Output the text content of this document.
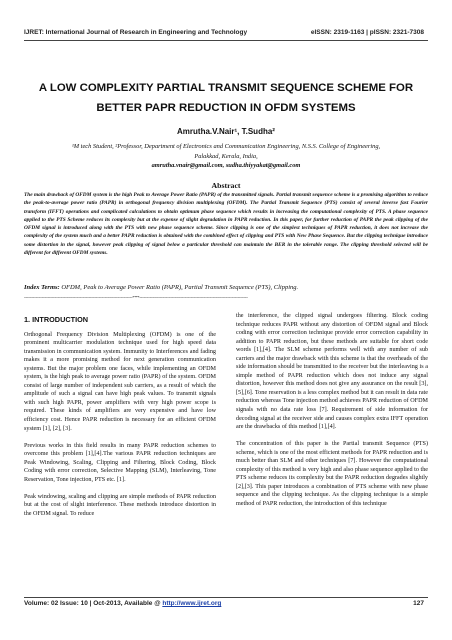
IJRET: International Journal of Research in Engineering and Technology	eISSN: 2319-1163 | pISSN: 2321-7308
A LOW COMPLEXITY PARTIAL TRANSMIT SEQUENCE SCHEME FOR
BETTER PAPR REDUCTION IN OFDM SYSTEMS
Amrutha.V.Nair¹, T.Sudha²
¹M tech Student, ²Professor, Department of Electronics and Communication Engineering, N.S.S. College of Engineering,
Palakkad, Kerala, India,
amrutha.vnair@gmail.com, sudha.thiyyakat@gmail.com
Abstract
The main drawback of OFDM system is the high Peak to Average Power Ratio (PAPR) of the transmitted signals. Partial transmit sequence scheme is a promising algorithm to reduce the peak-to-average power ratio (PAPR) in orthogonal frequency division multiplexing (OFDM). The Partial Transmit Sequence (PTS) consist of several inverse fast Fourier transform (IFFT) operations and complicated calculations to obtain optimum phase sequence which results in increasing the computational complexity of PTS. A phase sequence applied to the PTS Scheme reduces its complexity but at the expense of slight degradation in PAPR reduction. In this paper, for further reduction of PAPR the peak clipping of the OFDM signal is introduced along with the PTS with new phase sequence scheme. Since clipping is one of the simplest techniques of PAPR reduction, it does not increase the complexity of the system much and a better PAPR reduction is obtained with the combined effect of clipping and PTS with New Phase Sequence. But the clipping technique introduce some distortion in the signal, however peak clipping of signal below a particular threshold can maintain the BER in the tolerable range. The clipping threshold selected will be different for different OFDM systems.
Index Terms: OFDM, Peak to Average Power Ratio (PAPR), Partial Transmit Sequence (PTS), Clipping.
--------------------------------------------------------------------------***--------------------------------------------------------------------------
1. INTRODUCTION

Orthogonal Frequency Division Multiplexing (OFDM) is one of the prominent multicarrier modulation technique used for high speed data transmission in communication system. Immunity to Interferences and fading makes it a more promising method for next generation communication systems. But the major problem one faces, while implementing an OFDM system, is the high peak to average power ratio (PAPR) of the system. OFDM consist of large number of independent sub carriers, as a result of which the amplitude of such a signal can have high peak values. To transmit signals with such high PAPR, power amplifiers with very high power scope is required. These kinds of amplifiers are very expensive and have low efficiency cost. Hence PAPR reduction is necessary for an efficient OFDM system [1], [2], [3].

Previous works in this field results in many PAPR reduction schemes to overcome this problem [1],[4].The various PAPR reduction techniques are Peak Windowing, Scaling, Clipping and Filtering, Block Coding, Block Coding with error correction, Selective Mapping (SLM), Interleaving, Tone Reservation, Tone injection, PTS etc. [1].

Peak windowing, scaling and clipping are simple methods of PAPR reduction but at the cost of slight interference. These methods introduce distortion in the OFDM signal. To reduce

the interference, the clipped signal undergoes filtering. Block coding technique reduces PAPR without any distortion of OFDM signal and Block coding with error correction technique provide error correction capability in addition to PAPR reduction, but these methods are suitable for short code words [1],[4]. The SLM scheme performs well with any number of sub carriers and the major drawback with this scheme is that the overheads of the side information should be transmitted to the receiver but the interleaving is a simple method of PAPR reduction which does not induce any signal distortion, however this method does not give any assurance on the result [3],[5],[6]. Tone reservation is a less complex method but it can result in data rate reduction whereas Tone injection method achieves PAPR reduction of OFDM signals with no data rate loss [7]. Requirement of side information for decoding signal at the receiver side and causes complex extra IFFT operation are the drawbacks of this method [1],[4].

The concentration of this paper is the Partial transmit Sequence (PTS) scheme, which is one of the most efficient methods for PAPR reduction and is much better than SLM and other techniques [7]. However the computational complexity of this method is very high and also phase sequence applied to the PTS scheme reduces its complexity but the PAPR reduction degrades slightly [2],[3]. This paper introduces a combination of PTS scheme with new phase sequence and the clipping technique. As the clipping technique is a simple method of PAPR reduction, the introduction of this technique

Volume: 02 Issue: 10 | Oct-2013, Available @ http://www.ijret.org	127
